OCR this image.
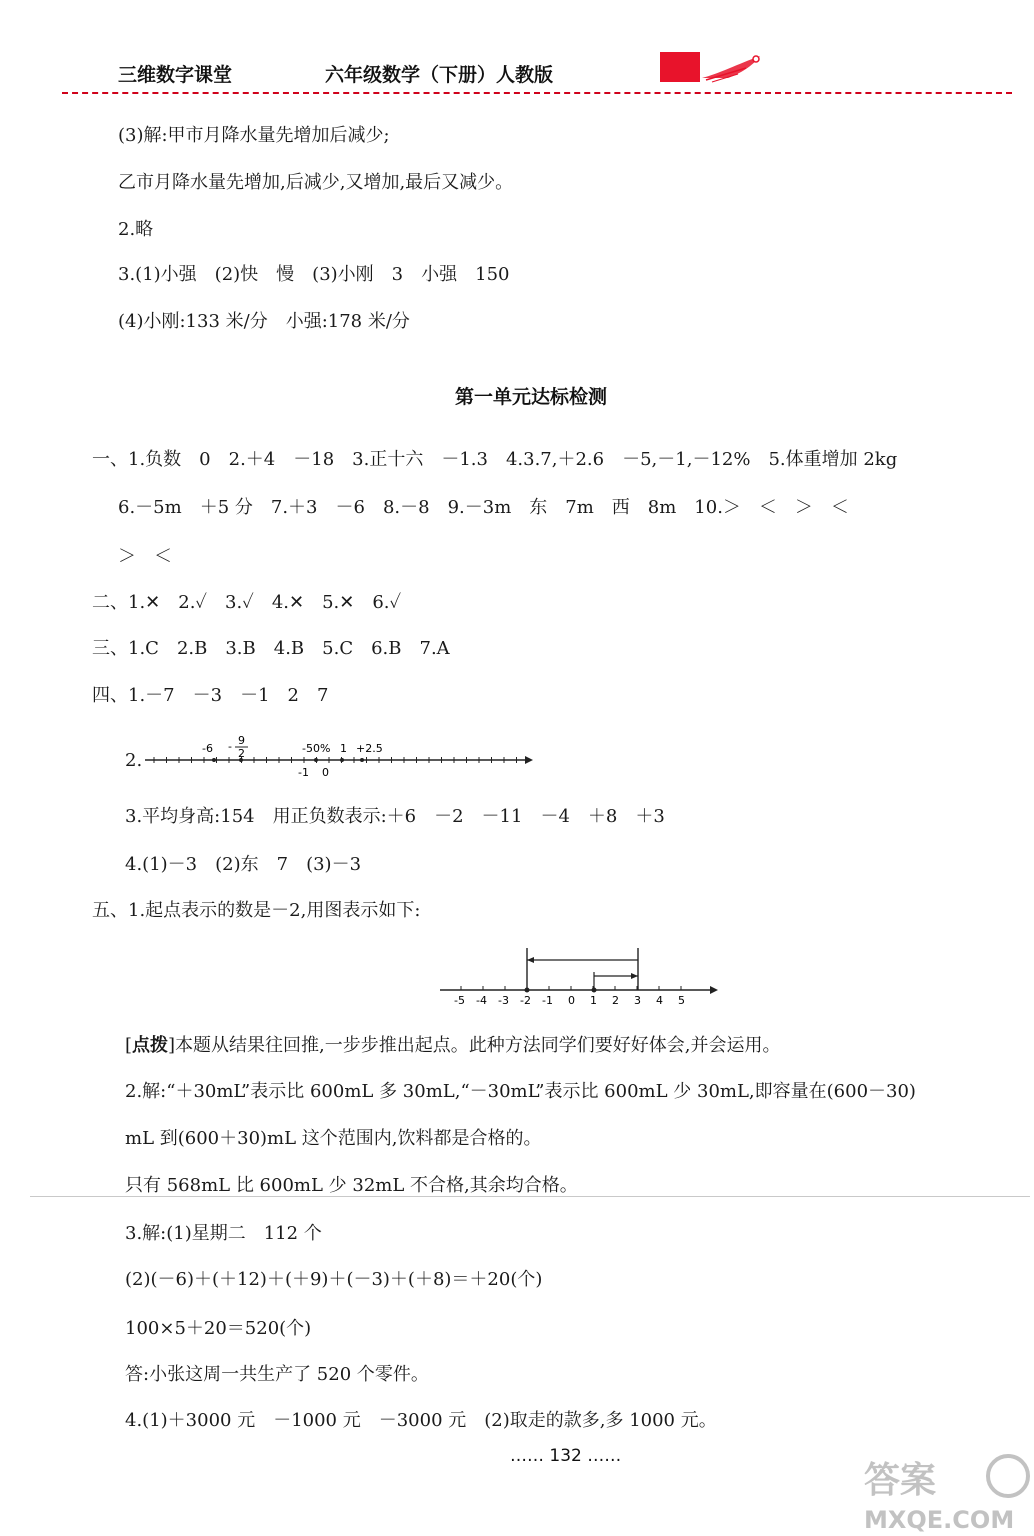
三维数字课堂	六年级数学（下册）人教版
(3)解:甲市月降水量先增加后减少;
乙市月降水量先增加,后减少,又增加,最后又减少。
2.略
3.(1)小强　(2)快　慢　(3)小刚　3　小强　150
(4)小刚:133 米/分　小强:178 米/分
第一单元达标检测
一、1.负数　0　2.＋4　－18　3.正十六　－1.3　4.3.7,＋2.6　－5,－1,－12%　5.体重增加 2kg
6.－5m　＋5 分　7.＋3　－6　8.－8　9.－3m　东　7m　西　8m　10.＞　＜　＞　＜
＞　＜
二、1.✕　2.✓　3.✓　4.✕　5.✕　6.✓
三、1.C　2.B　3.B　4.B　5.C　6.B　7.A
四、1.－7　－3　－1　2　7
2.
-6 - 9
2	-50% 1 +2.5
-1 0
3.平均身高:154　用正负数表示:＋6　－2　－11　－4　＋8　＋3
4.(1)－3　(2)东　7　(3)－3
五、1.起点表示的数是－2,用图表示如下:
-5 -4 -3 -2 -1 0 1 2 3 4 5
[点拨]本题从结果往回推,一步步推出起点。此种方法同学们要好好体会,并会运用。
2.解:“＋30mL”表示比 600mL 多 30mL,“－30mL”表示比 600mL 少 30mL,即容量在(600－30)
mL 到(600＋30)mL 这个范围内,饮料都是合格的。
只有 568mL 比 600mL 少 32mL 不合格,其余均合格。
3.解:(1)星期二　112 个
(2)(－6)＋(＋12)＋(＋9)＋(－3)＋(＋8)＝＋20(个)
100×5＋20＝520(个)
答:小张这周一共生产了 520 个零件。
4.(1)＋3000 元　－1000 元　－3000 元　(2)取走的款多,多 1000 元。
…… 132 ……
答案
MXQE.COM
